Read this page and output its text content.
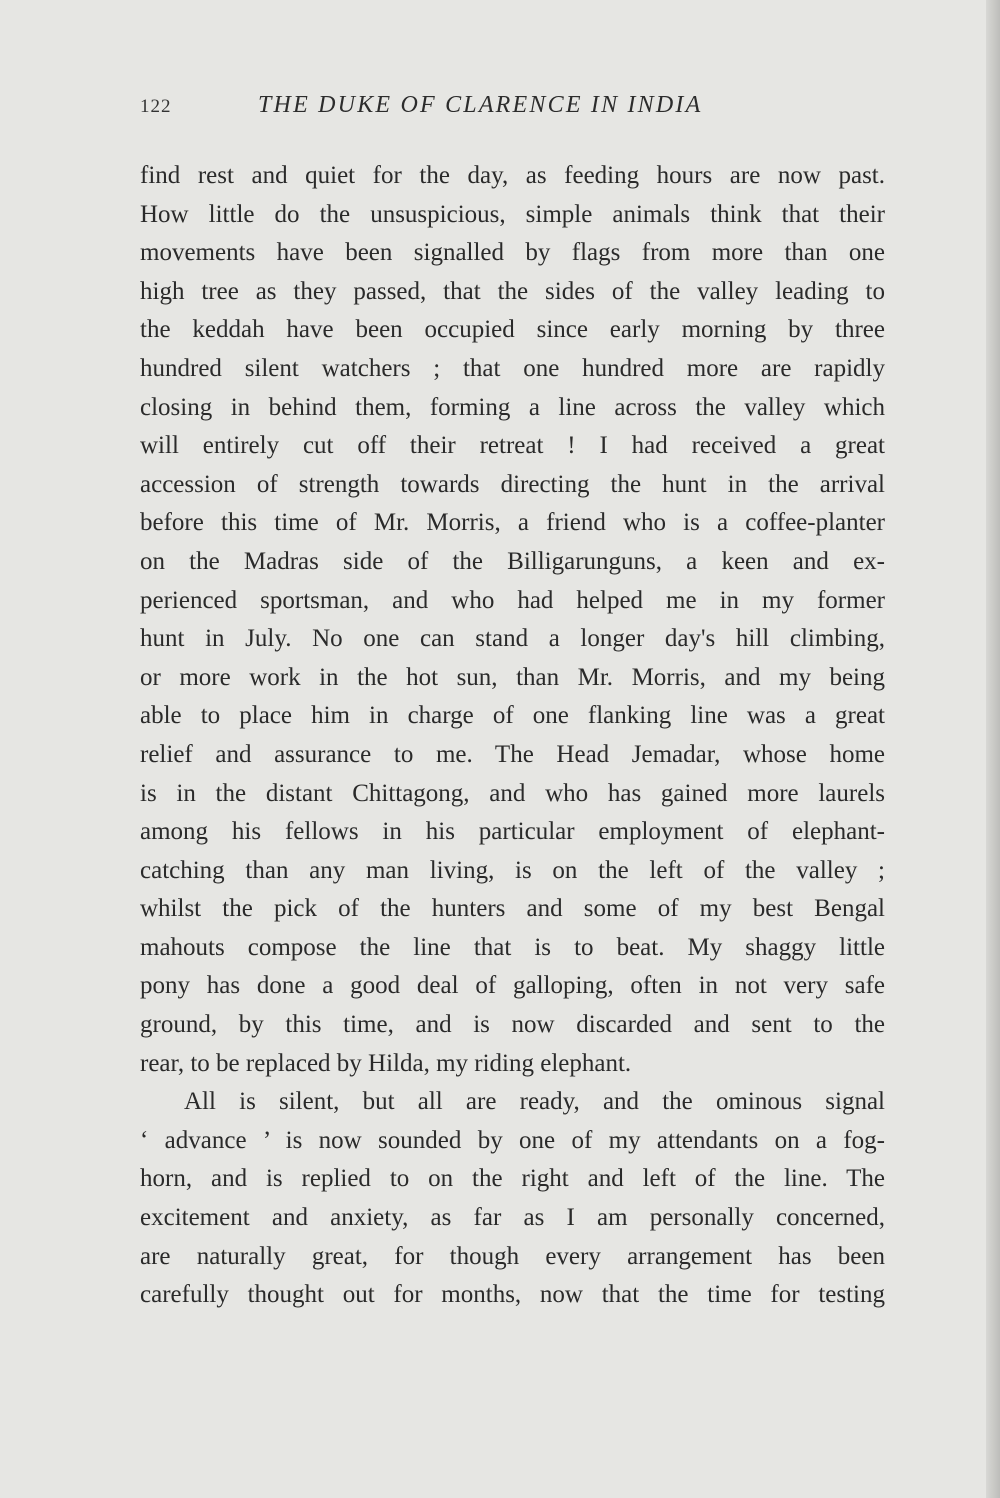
122	THE DUKE OF CLARENCE IN INDIA
find rest and quiet for the day, as feeding hours are now past.
How little do the unsuspicious, simple animals think that their
movements have been signalled by flags from more than one
high tree as they passed, that the sides of the valley leading to
the keddah have been occupied since early morning by three
hundred silent watchers ; that one hundred more are rapidly
closing in behind them, forming a line across the valley which
will entirely cut off their retreat ! I had received a great
accession of strength towards directing the hunt in the arrival
before this time of Mr. Morris, a friend who is a coffee-planter
on the Madras side of the Billigarunguns, a keen and ex-
perienced sportsman, and who had helped me in my former
hunt in July. No one can stand a longer day's hill climbing,
or more work in the hot sun, than Mr. Morris, and my being
able to place him in charge of one flanking line was a great
relief and assurance to me. The Head Jemadar, whose home
is in the distant Chittagong, and who has gained more laurels
among his fellows in his particular employment of elephant-
catching than any man living, is on the left of the valley ;
whilst the pick of the hunters and some of my best Bengal
mahouts compose the line that is to beat. My shaggy little
pony has done a good deal of galloping, often in not very safe
ground, by this time, and is now discarded and sent to the
rear, to be replaced by Hilda, my riding elephant.
All is silent, but all are ready, and the ominous signal
‘ advance ’ is now sounded by one of my attendants on a fog-
horn, and is replied to on the right and left of the line. The
excitement and anxiety, as far as I am personally concerned,
are naturally great, for though every arrangement has been
carefully thought out for months, now that the time for testing
